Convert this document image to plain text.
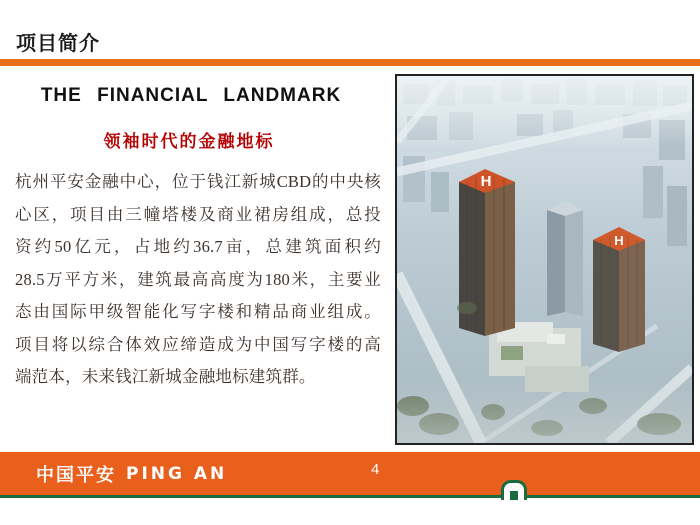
项目简介
THE FINANCIAL LANDMARK
领袖时代的金融地标
杭州平安金融中心，位于钱江新城CBD的中央核
心区，项目由三幢塔楼及商业裙房组成，总投
资约50亿元，占地约36.7亩，总建筑面积约
28.5万平方米，建筑最高高度为180米，主要业
态由国际甲级智能化写字楼和精品商业组成。
项目将以综合体效应缔造成为中国写字楼的高
端范本，未来钱江新城金融地标建筑群。
H
H
中国平安 PING AN	4
